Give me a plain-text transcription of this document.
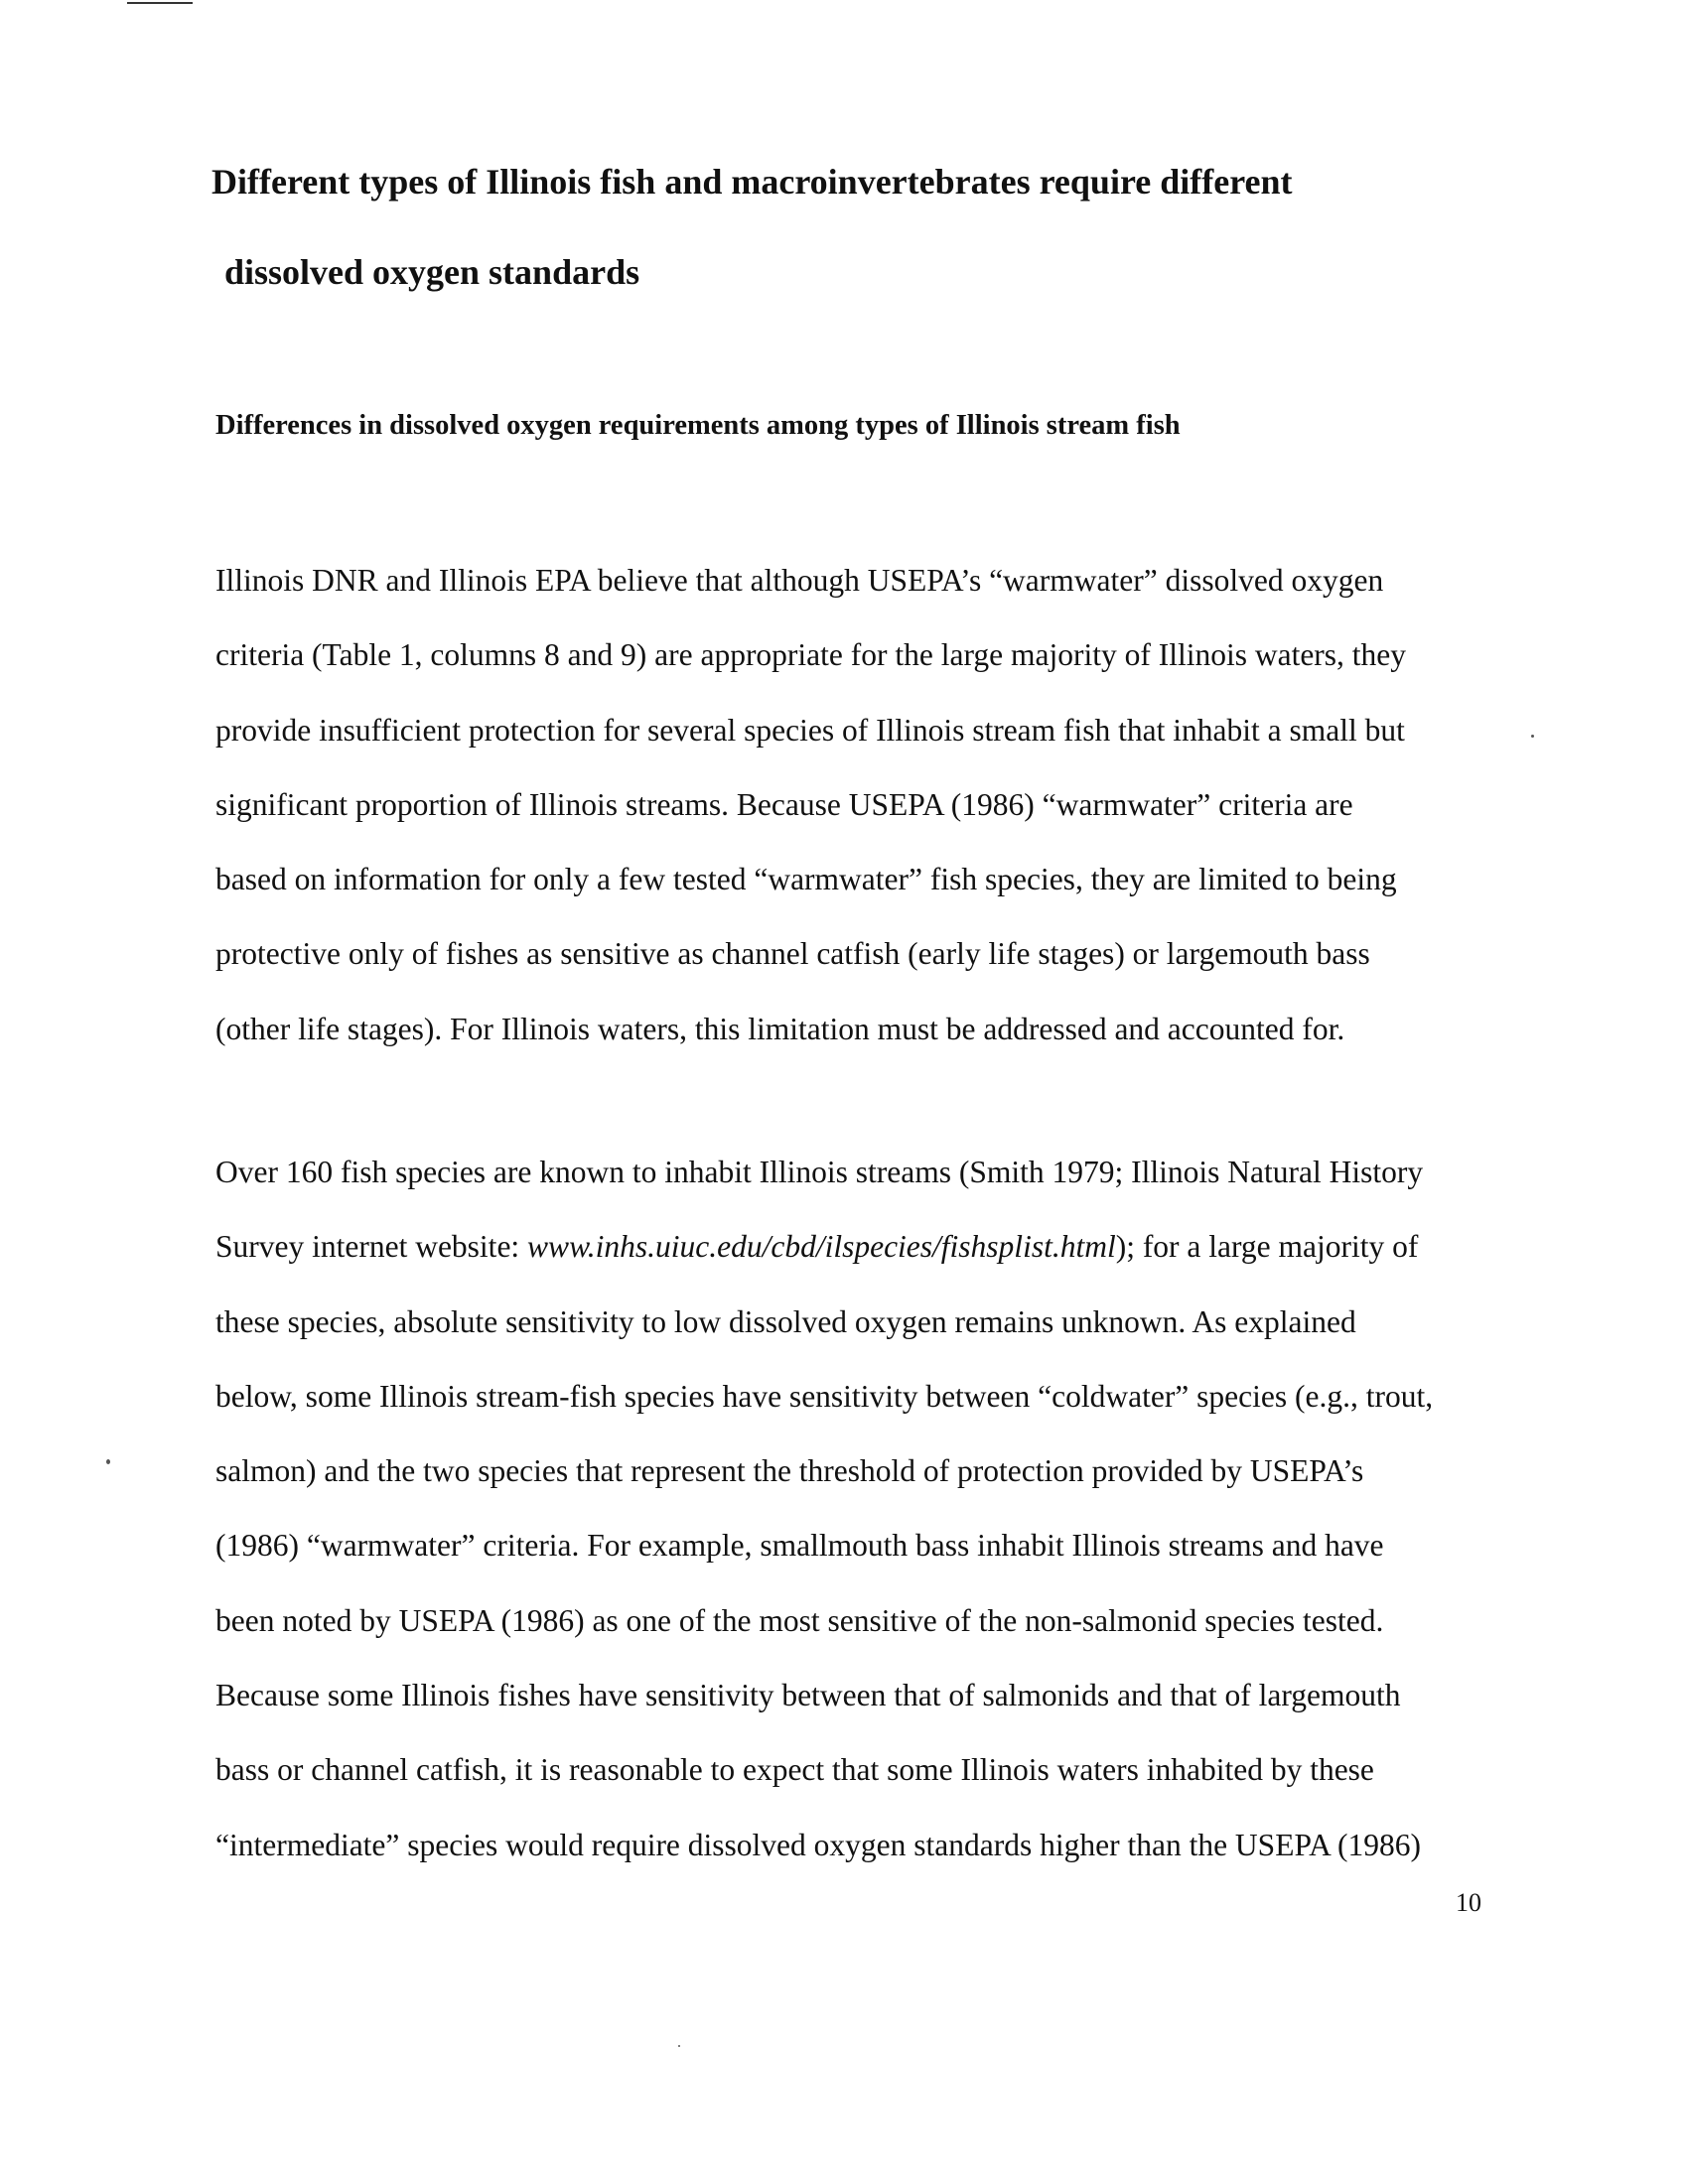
Different types of Illinois fish and macroinvertebrates require different
dissolved oxygen standards
Differences in dissolved oxygen requirements among types of Illinois stream fish
Illinois DNR and Illinois EPA believe that although USEPA’s “warmwater” dissolved oxygen
criteria (Table 1, columns 8 and 9) are appropriate for the large majority of Illinois waters, they
provide insufficient protection for several species of Illinois stream fish that inhabit a small but
significant proportion of Illinois streams. Because USEPA (1986) “warmwater” criteria are
based on information for only a few tested “warmwater” fish species, they are limited to being
protective only of fishes as sensitive as channel catfish (early life stages) or largemouth bass
(other life stages). For Illinois waters, this limitation must be addressed and accounted for.
Over 160 fish species are known to inhabit Illinois streams (Smith 1979; Illinois Natural History
Survey internet website: www.inhs.uiuc.edu/cbd/ilspecies/fishsplist.html); for a large majority of
these species, absolute sensitivity to low dissolved oxygen remains unknown. As explained
below, some Illinois stream-fish species have sensitivity between “coldwater” species (e.g., trout,
salmon) and the two species that represent the threshold of protection provided by USEPA’s
(1986) “warmwater” criteria. For example, smallmouth bass inhabit Illinois streams and have
been noted by USEPA (1986) as one of the most sensitive of the non-salmonid species tested.
Because some Illinois fishes have sensitivity between that of salmonids and that of largemouth
bass or channel catfish, it is reasonable to expect that some Illinois waters inhabited by these
“intermediate” species would require dissolved oxygen standards higher than the USEPA (1986)
10
